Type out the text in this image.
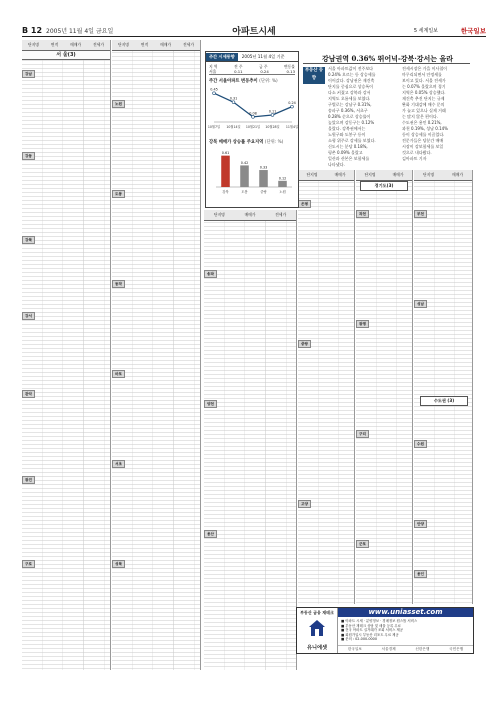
B 12 2005년 11월 4일 금요일	아파트시세	5 세계일보	한국일보
단지명	면적	매매가	전세가
서 울(3)
강남
강동
강북
강서
관악
광진
구로
단지명	면적	매매가	전세가
노원
도봉
동작
마포
서초
성북
단지명	매매가	전세가
송파
양천
용산
단지명	매매가
은평
중랑
고양
단지명	매매가
경기도(3)
과천
광명
구리
군포
단지명	매매가
부천
성남
수도권 (3)
수원
안양
용인
주간 시세동향	2005년 11월 4일 기준
지 역	전 주	금 주	변동률
서울	0.11	0.24	0.13
주간 서울아파트 변동추이 (단위: %)
0.45
10월7일
0.31
10월14일
0.08
10월21일
0.11
10월28일
0.24
11월4일
강북 매매가 상승률 주요지역 (단위: %)
0.61
강북
0.42
도봉
0.33
중랑
0.12
노원
강남권역 0.36% 뛰어넉-강북·강서는 올라
부동산 동향
서울 아파트값이 전주보다
0.24% 오르는 등 상승세를
이어갔다. 강남권은 재건축
단지를 중심으로 상승폭이
다소 커졌고 강북과 강서
지역도 오름세를 보였다.
구별로는 강남구 0.31%,
송파구 0.36%, 서초구
0.28% 순으로 상승률이
높았으며 강동구는 0.12%
올랐다. 강북권에서는
노원구와 도봉구 등이
소형 위주로 강세를 보였다.
신도시는 분당 0.18%,
평촌 0.09% 올랐고
일산과 산본은 보합세를
나타냈다.
전세시장은 가을 이사철이
마무리되면서 안정세를
보이고 있다. 서울 전세가
는 0.07% 올랐으며 경기
지역은 0.05% 상승했다.
재건축 추진 단지는 규제
완화 기대감에 매수 문의
가 늘고 있으나 실제 거래
는 많지 않은 편이다.
수도권은 용인 0.21%,
과천 0.19%, 성남 0.14%
등이 상승세를 이끌었다.
전문가들은 당분간 매매
시장이 강보합세를 보일
것으로 내다봤다.
김아파트 기자
부동산 금융 재테크
유니에셋
www.uniasset.com
■ 아파트 시세 · 분양정보 · 경매정보 원스톱 서비스
■ 부동산 재테크 상담 및 매물 등록 무료
■ 전국 아파트 실거래가 조회 서비스 제공
■ 회원가입시 부동산 리포트 무료 제공
■ 문의 : 02-000-0000
한국일보	서울경제	신한은행	국민은행
